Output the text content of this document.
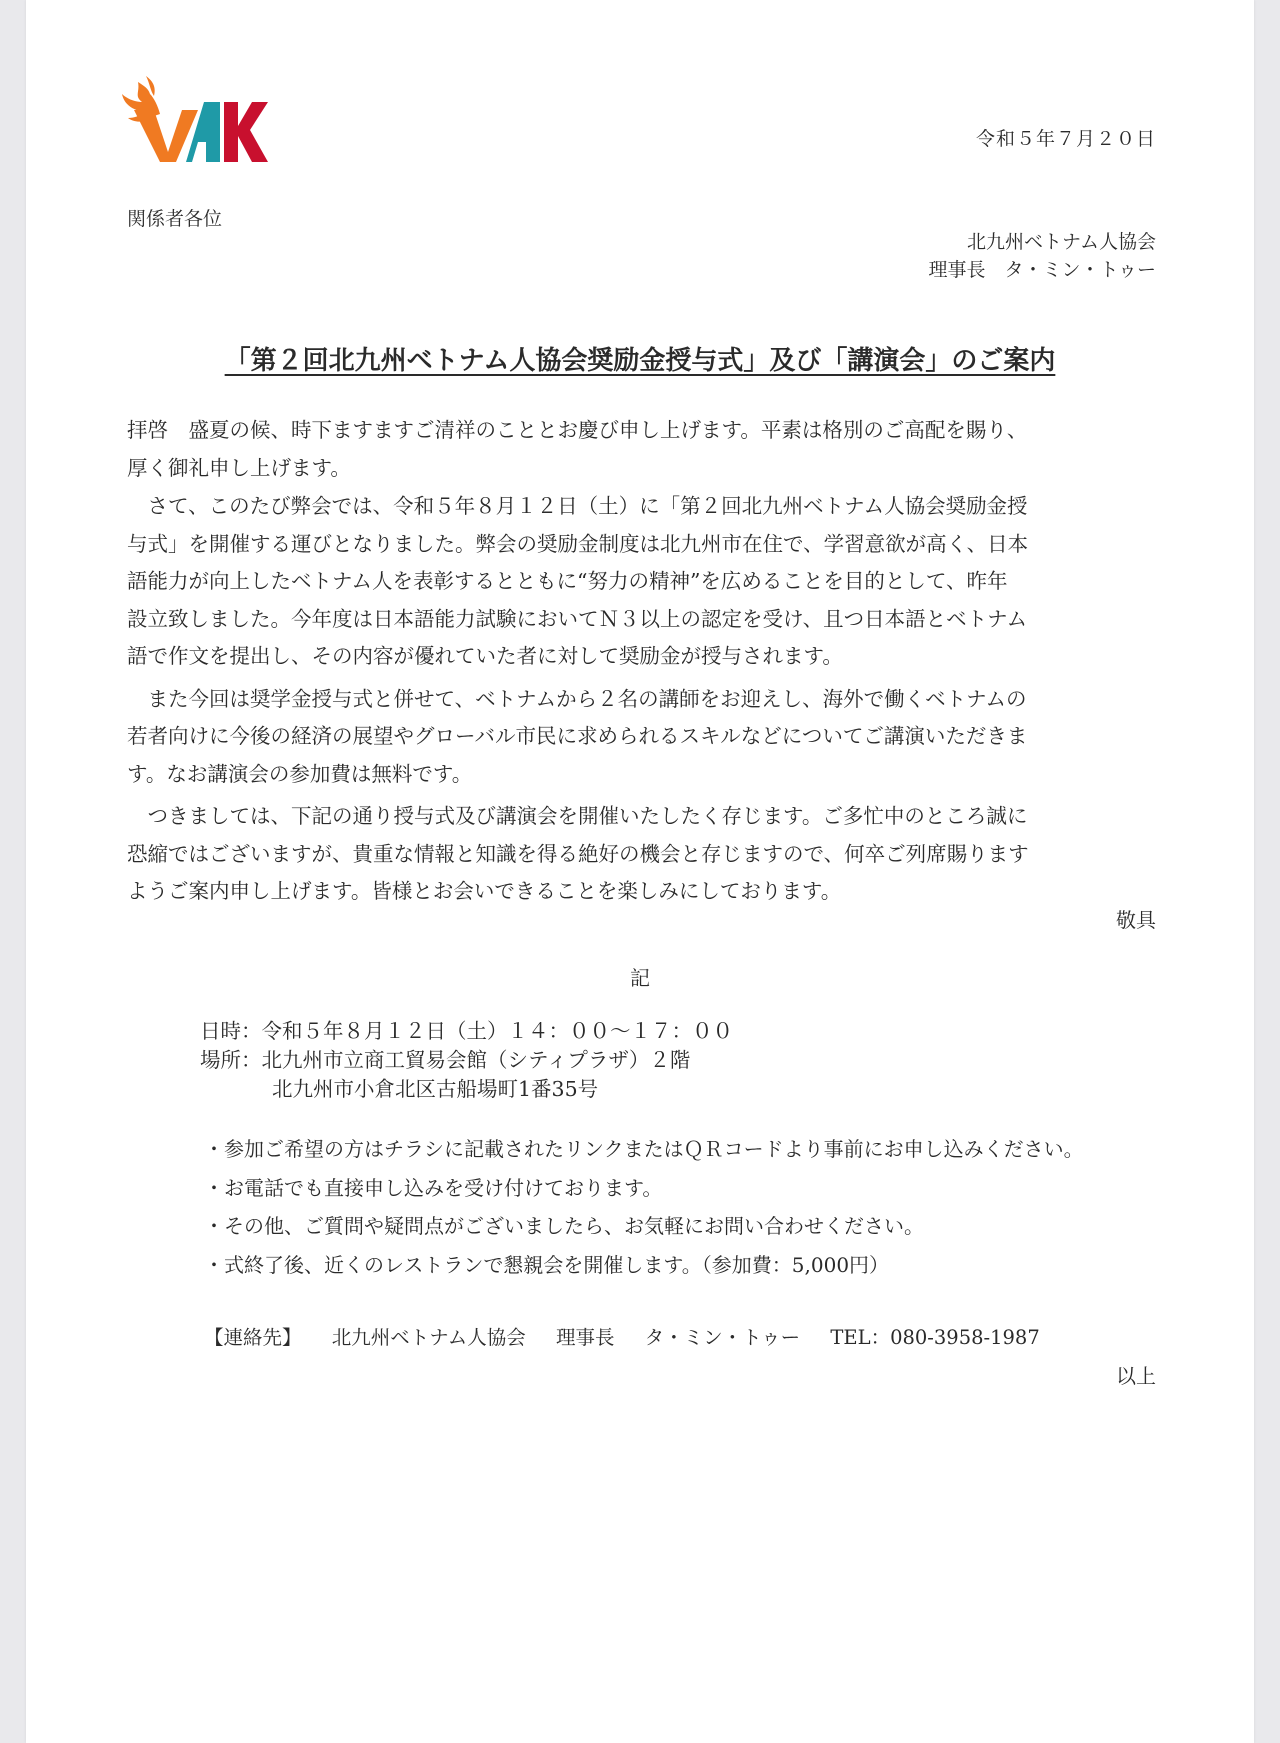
令和５年７月２０日
関係者各位
北九州ベトナム人協会
理事長　タ・ミン・トゥー
「第２回北九州ベトナム人協会奨励金授与式」及び「講演会」のご案内

拝啓　盛夏の候、時下ますますご清祥のこととお慶び申し上げます。平素は格別のご高配を賜り、
厚く御礼申し上げます。

　さて、このたび弊会では、令和５年８月１２日（土）に「第２回北九州ベトナム人協会奨励金授
与式」を開催する運びとなりました。弊会の奨励金制度は北九州市在住で、学習意欲が高く、日本
語能力が向上したベトナム人を表彰するとともに“努力の精神”を広めることを目的として、昨年
設立致しました。今年度は日本語能力試験においてＮ３以上の認定を受け、且つ日本語とベトナム
語で作文を提出し、その内容が優れていた者に対して奨励金が授与されます。

　また今回は奨学金授与式と併せて、ベトナムから２名の講師をお迎えし、海外で働くベトナムの
若者向けに今後の経済の展望やグローバル市民に求められるスキルなどについてご講演いただきま
す。なお講演会の参加費は無料です。

　つきましては、下記の通り授与式及び講演会を開催いたしたく存じます。ご多忙中のところ誠に
恐縮ではございますが、貴重な情報と知識を得る絶好の機会と存じますので、何卒ご列席賜ります
ようご案内申し上げます。皆様とお会いできることを楽しみにしております。

敬具
記
日時：令和５年８月１２日（土）１４：００〜１７：００
場所：北九州市立商工貿易会館（シティプラザ）２階
北九州市小倉北区古船場町1番35号
・参加ご希望の方はチラシに記載されたリンクまたはＱＲコードより事前にお申し込みください。
・お電話でも直接申し込みを受け付けております。
・その他、ご質問や疑問点がございましたら、お気軽にお問い合わせください。
・式終了後、近くのレストランで懇親会を開催します。（参加費：5,000円）
【連絡先】 北九州ベトナム人協会 理事長 タ・ミン・トゥー TEL：080-3958-1987
以上
